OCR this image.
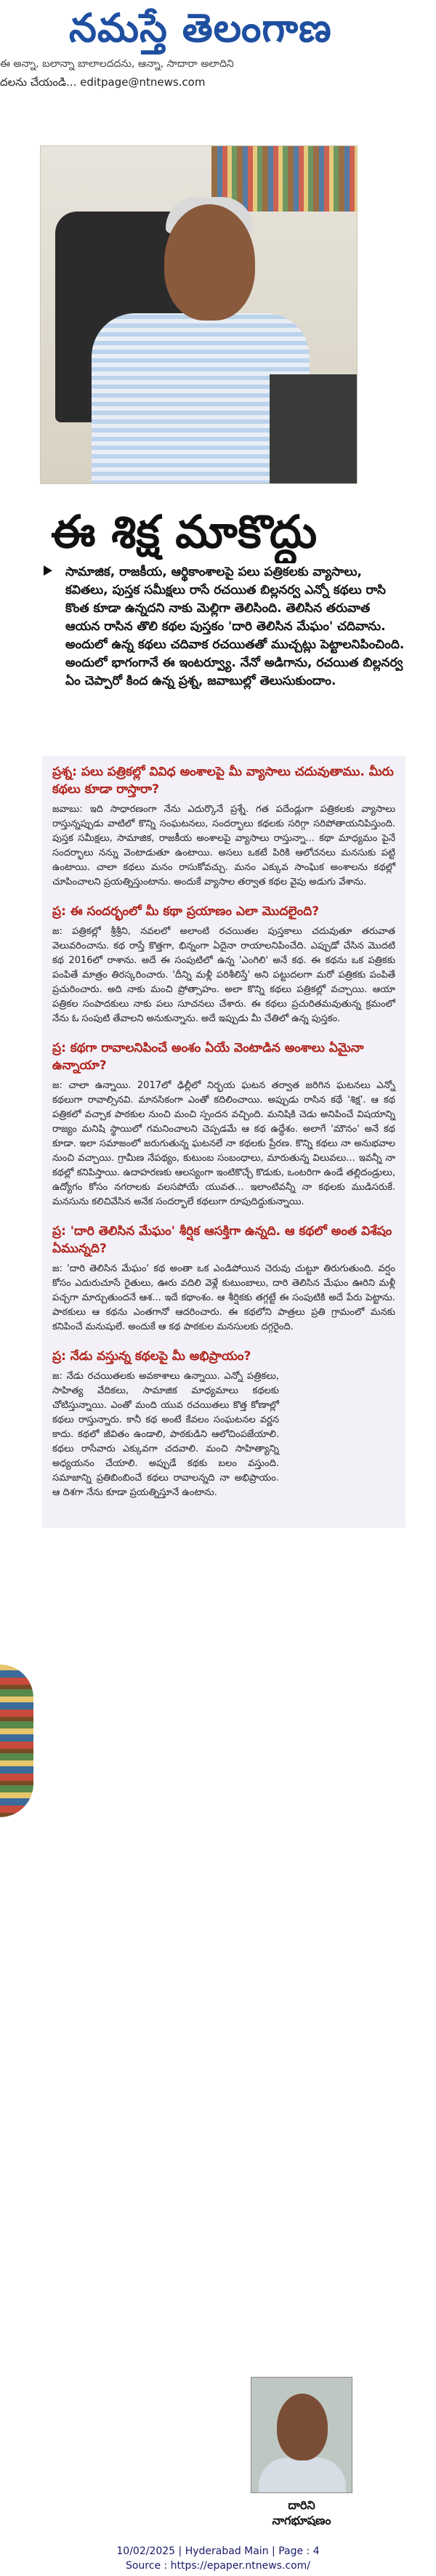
నమస్తే తెలంగాణ
ఈ అన్నా, బలాన్నా బాలాలదదను, ఆన్నా, సాదారా అలాదిని
దలను చేయండి... editpage@ntnews.com
ఈ శిక్ష మాకొద్దు

సామాజిక, రాజకీయ, ఆర్థికాంశాలపై పలు పత్రికలకు వ్యాసాలు, కవితలు, పుస్తక సమీక్షలు రాసే రచయిత బిల్లనర్వ ఎన్నో కథలు రాసి కొంత కూడా ఉన్నదని నాకు మెల్లిగా తెలిసింది. తెలిసిన తరువాత ఆయన రాసిన తొలి కథల పుస్తకం 'దారి తెలిసిన మేఘం' చదివాను. అందులో ఉన్న కథలు చదివాక రచయితతో ముచ్చట్లు పెట్టాలనిపించింది. అందులో భాగంగానే ఈ ఇంటర్వ్యూ. నేనో అడిగాను, రచయిత బిల్లనర్వ ఏం చెప్పారో కింద ఉన్న ప్రశ్న, జవాబుల్లో తెలుసుకుందాం.

ప్రశ్న: పలు పత్రికల్లో వివిధ అంశాలపై మీ వ్యాసాలు చదువుతాము. మీరు కథలు కూడా రాస్తారా?
జవాబు: ఇది సాధారణంగా నేను ఎదుర్కొనే ప్రశ్నే. గత పదేండ్లుగా పత్రికలకు వ్యాసాలు రాస్తున్నప్పుడు వాటిలో కొన్ని సంఘటనలు, సందర్భాలు కథలకు సరిగ్గా సరిపోతాయనిపిస్తుంది. పుస్తక సమీక్షలు, సామాజిక, రాజకీయ అంశాలపై వ్యాసాలు రాస్తున్నా... కథా మాధ్యమం పైనే సందర్భాలు నన్ను వెంటాడుతూ ఉంటాయి. అసలు ఒకటే పిరికి ఆలోచనలు మనసుకు పట్టి ఉంటాయి. చాలా కథలు మనం రాసుకోవచ్చు. మనం ఎక్కువ సాంఘిక అంశాలను కథల్లో చూపించాలని ప్రయత్నిస్తుంటాను. అందుకే వ్యాసాల తర్వాత కథల వైపు అడుగు వేశాను.
ప్ర: ఈ సందర్భంలో మీ కథా ప్రయాణం ఎలా మొదలైంది?
జ: పత్రికల్లో శ్రీశ్రీని, నవలలో అలాంటి రచయితల పుస్తకాలు చదువుతూ తరువాత వెలువరించాను. కథ రాస్తే కొత్తగా, భిన్నంగా ఏదైనా రాయాలనిపించేది. ఎప్పుడో చేసిన మొదటి కథ 2016లో రాశాను. అదే ఈ సంపుటిలో ఉన్న 'ఎంగిలి' అనే కథ. ఈ కథను ఒక పత్రికకు పంపితే మాత్రం తిరస్కరించారు. 'దీన్ని మళ్లీ పరిశీలిస్తే' అని పట్టుదలగా మరో పత్రికకు పంపితే ప్రచురించారు. అది నాకు మంచి ప్రోత్సాహం. అలా కొన్ని కథలు పత్రికల్లో వచ్చాయి. ఆయా పత్రికల సంపాదకులు నాకు పలు సూచనలు చేశారు. ఈ కథలు ప్రచురితమవుతున్న క్రమంలో నేను ఓ సంపుటి తేవాలని అనుకున్నాను. అదే ఇప్పుడు మీ చేతిలో ఉన్న పుస్తకం.
ప్ర: కథగా రావాలనిపించే అంశం ఏయే వెంటాడిన అంశాలు ఏమైనా ఉన్నాయా?
జ: చాలా ఉన్నాయి. 2017లో ఢిల్లీలో నిర్భయ ఘటన తర్వాత జరిగిన ఘటనలు ఎన్నో కథలుగా రావాల్సినవి. మానసికంగా ఎంతో కదిలించాయి. అప్పుడు రాసిన కథే 'శిక్ష'. ఆ కథ పత్రికలో వచ్చాక పాఠకుల నుంచి మంచి స్పందన వచ్చింది. మనిషికి చెడు అనిపించే విషయాన్ని రాజ్యం మనిషి స్థాయిలో గమనించాలని చెప్పడమే ఆ కథ ఉద్దేశం. అలాగే 'మౌనం' అనే కథ కూడా. ఇలా సమాజంలో జరుగుతున్న ఘటనలే నా కథలకు ప్రేరణ. కొన్ని కథలు నా అనుభవాల నుంచి వచ్చాయి. గ్రామీణ నేపథ్యం, కుటుంబ సంబంధాలు, మారుతున్న విలువలు... ఇవన్నీ నా కథల్లో కనిపిస్తాయి. ఉదాహరణకు ఆలస్యంగా ఇంటికొచ్చే కొడుకు, ఒంటరిగా ఉండే తల్లిదండ్రులు, ఉద్యోగం కోసం నగరాలకు వలసపోయే యువత... ఇలాంటివన్నీ నా కథలకు ముడిసరుకే. మనసును కలిచివేసిన అనేక సందర్భాలే కథలుగా రూపుదిద్దుకున్నాయి.
ప్ర: 'దారి తెలిసిన మేఘం' శీర్షిక ఆసక్తిగా ఉన్నది. ఆ కథలో అంత విశేషం ఏమున్నది?
జ: 'దారి తెలిసిన మేఘం' కథ అంతా ఒక ఎండిపోయిన చెరువు చుట్టూ తిరుగుతుంది. వర్షం కోసం ఎదురుచూసే రైతులు, ఊరు వదిలి వెళ్లే కుటుంబాలు, దారి తెలిసిన మేఘం ఊరిని మళ్లీ పచ్చగా మార్చుతుందనే ఆశ... ఇదే కథాంశం. ఆ శీర్షికకు తగ్గట్టే ఈ సంపుటికి అదే పేరు పెట్టాను. పాఠకులు ఆ కథను ఎంతగానో ఆదరించారు. ఈ కథలోని పాత్రలు ప్రతి గ్రామంలో మనకు కనిపించే మనుషులే. అందుకే ఆ కథ పాఠకుల మనసులకు దగ్గరైంది.
ప్ర: నేడు వస్తున్న కథలపై మీ అభిప్రాయం?
జ: నేడు రచయితలకు అవకాశాలు ఉన్నాయి. ఎన్నో పత్రికలు, సాహిత్య వేదికలు, సామాజిక మాధ్యమాలు కథలకు చోటిస్తున్నాయి. ఎంతో మంది యువ రచయితలు కొత్త కోణాల్లో కథలు రాస్తున్నారు. కానీ కథ అంటే కేవలం సంఘటనల వర్ణన కాదు. కథలో జీవితం ఉండాలి, పాఠకుడిని ఆలోచింపజేయాలి. కథలు రాసేవారు ఎక్కువగా చదవాలి. మంచి సాహిత్యాన్ని అధ్యయనం చేయాలి. అప్పుడే కథకు బలం వస్తుంది. సమాజాన్ని ప్రతిబింబించే కథలు రావాలన్నది నా అభిప్రాయం. ఆ దిశగా నేను కూడా ప్రయత్నిస్తూనే ఉంటాను.
దారిని
నాగభూషణం
10/02/2025 | Hyderabad Main | Page : 4
Source : https://epaper.ntnews.com/
